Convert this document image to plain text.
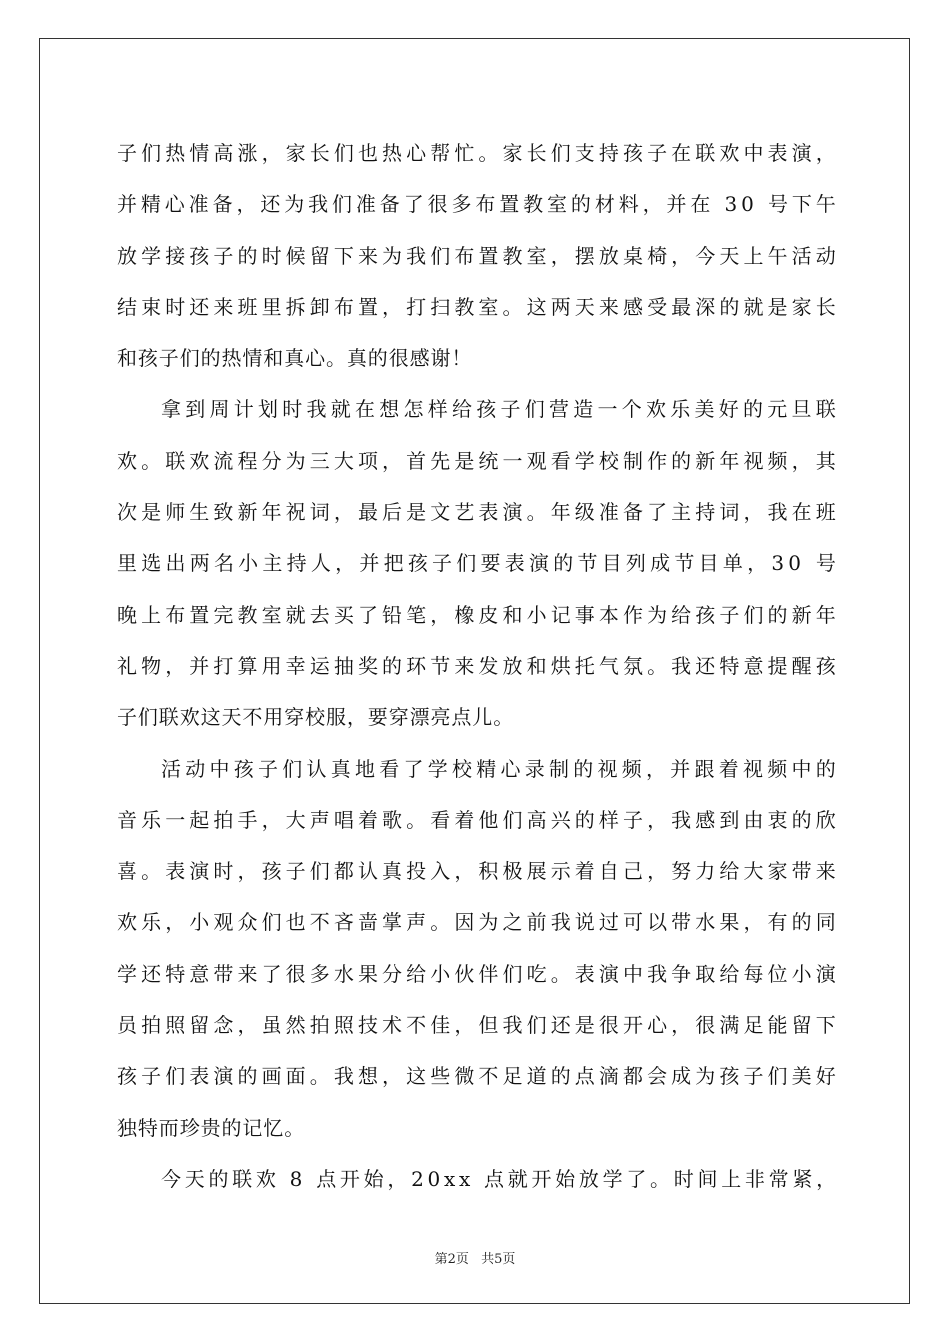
子 们 热 情 高 涨 ， 家 长 们 也 热 心 帮 忙 。 家 长 们 支 持 孩 子 在 联 欢 中 表 演 ，
并 精 心 准 备 ， 还 为 我 们 准 备 了 很 多 布 置 教 室 的 材 料 ， 并 在
3 0
号 下 午
放 学 接 孩 子 的 时 候 留 下 来 为 我 们 布 置 教 室 ， 摆 放 桌 椅 ， 今 天 上 午 活 动
结 束 时 还 来 班 里 拆 卸 布 置 ， 打 扫 教 室 。 这 两 天 来 感 受 最 深 的 就 是 家 长
和孩子们的热情和真心。真的很感谢！
拿 到 周 计 划 时 我 就 在 想 怎 样 给 孩 子 们 营 造 一 个 欢 乐 美 好 的 元 旦 联
欢 。 联 欢 流 程 分 为 三 大 项 ， 首 先 是 统 一 观 看 学 校 制 作 的 新 年 视 频 ， 其
次 是 师 生 致 新 年 祝 词 ， 最 后 是 文 艺 表 演 。 年 级 准 备 了 主 持 词 ， 我 在 班
里 选 出 两 名 小 主 持 人 ， 并 把 孩 子 们 要 表 演 的 节 目 列 成 节 目 单 ， 3 0
号
晚 上 布 置 完 教 室 就 去 买 了 铅 笔 ， 橡 皮 和 小 记 事 本 作 为 给 孩 子 们 的 新 年
礼 物 ， 并 打 算 用 幸 运 抽 奖 的 环 节 来 发 放 和 烘 托 气 氛 。 我 还 特 意 提 醒 孩
子们联欢这天不用穿校服，要穿漂亮点儿。
活 动 中 孩 子 们 认 真 地 看 了 学 校 精 心 录 制 的 视 频 ， 并 跟 着 视 频 中 的
音 乐 一 起 拍 手 ， 大 声 唱 着 歌 。 看 着 他 们 高 兴 的 样 子 ， 我 感 到 由 衷 的 欣
喜 。 表 演 时 ， 孩 子 们 都 认 真 投 入 ， 积 极 展 示 着 自 己 ， 努 力 给 大 家 带 来
欢 乐 ， 小 观 众 们 也 不 吝 啬 掌 声 。 因 为 之 前 我 说 过 可 以 带 水 果 ， 有 的 同
学 还 特 意 带 来 了 很 多 水 果 分 给 小 伙 伴 们 吃 。 表 演 中 我 争 取 给 每 位 小 演
员 拍 照 留 念 ， 虽 然 拍 照 技 术 不 佳 ， 但 我 们 还 是 很 开 心 ， 很 满 足 能 留 下
孩 子 们 表 演 的 画 面 。 我 想 ， 这 些 微 不 足 道 的 点 滴 都 会 成 为 孩 子 们 美 好
独特而珍贵的记忆。
今 天 的 联 欢
8
点 开 始 ， 2 0 x x
点 就 开 始 放 学 了 。 时 间 上 非 常 紧 ，
第2页 共5页
